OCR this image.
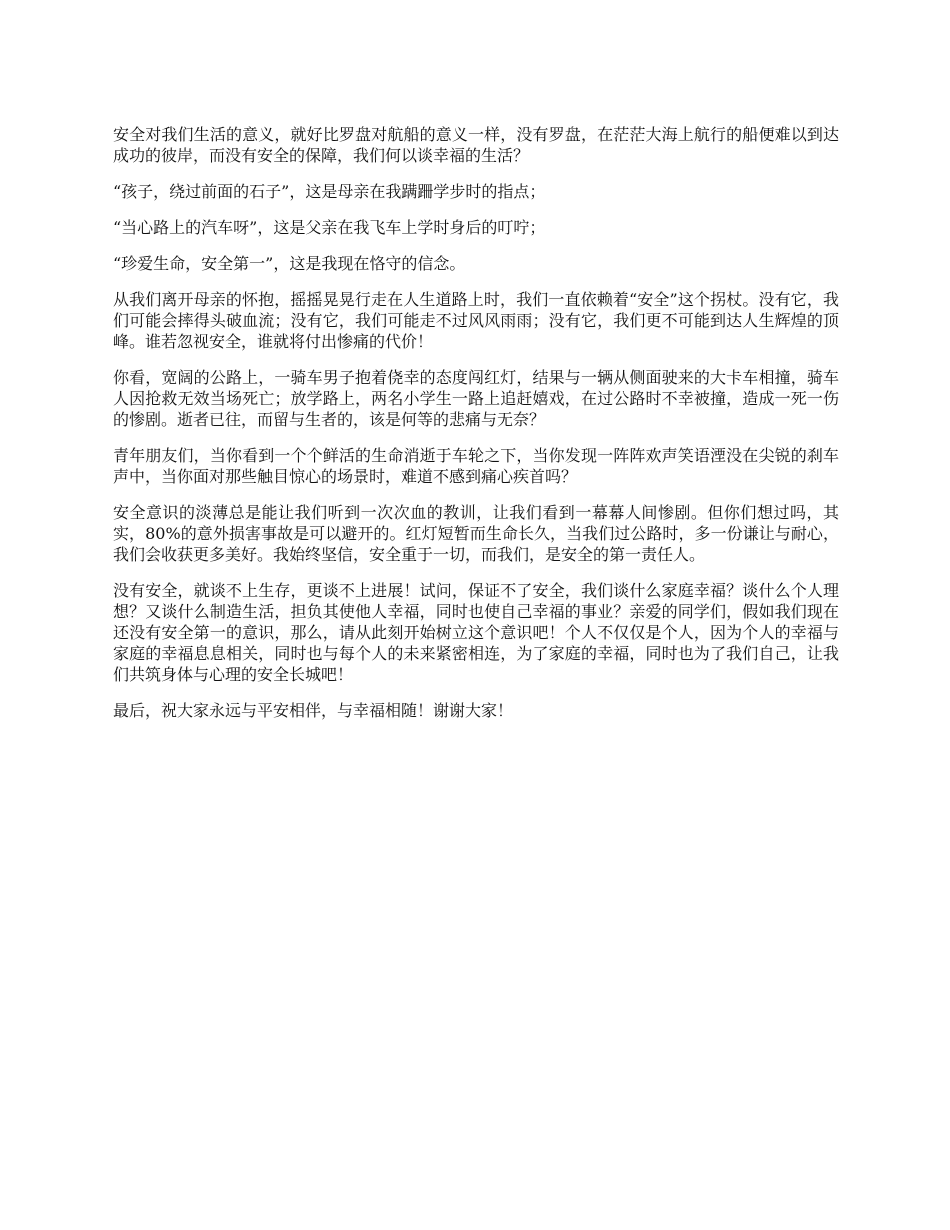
安全对我们生活的意义，就好比罗盘对航船的意义一样，没有罗盘，在茫茫大海上航行的船便难以到达成功的彼岸，而没有安全的保障，我们何以谈幸福的生活？

“孩子，绕过前面的石子”，这是母亲在我蹒跚学步时的指点；

“当心路上的汽车呀”，这是父亲在我飞车上学时身后的叮咛；

“珍爱生命，安全第一”，这是我现在恪守的信念。

从我们离开母亲的怀抱，摇摇晃晃行走在人生道路上时，我们一直依赖着“安全”这个拐杖。没有它，我们可能会摔得头破血流；没有它，我们可能走不过风风雨雨；没有它，我们更不可能到达人生辉煌的顶峰。谁若忽视安全，谁就将付出惨痛的代价！

你看，宽阔的公路上，一骑车男子抱着侥幸的态度闯红灯，结果与一辆从侧面驶来的大卡车相撞，骑车人因抢救无效当场死亡；放学路上，两名小学生一路上追赶嬉戏，在过公路时不幸被撞，造成一死一伤的惨剧。逝者已往，而留与生者的，该是何等的悲痛与无奈？

青年朋友们，当你看到一个个鲜活的生命消逝于车轮之下，当你发现一阵阵欢声笑语湮没在尖锐的刹车声中，当你面对那些触目惊心的场景时，难道不感到痛心疾首吗？

安全意识的淡薄总是能让我们听到一次次血的教训，让我们看到一幕幕人间惨剧。但你们想过吗，其实，80%的意外损害事故是可以避开的。红灯短暂而生命长久，当我们过公路时，多一份谦让与耐心，我们会收获更多美好。我始终坚信，安全重于一切，而我们，是安全的第一责任人。

没有安全，就谈不上生存，更谈不上进展！试问，保证不了安全，我们谈什么家庭幸福？谈什么个人理想？又谈什么制造生活，担负其使他人幸福，同时也使自己幸福的事业？亲爱的同学们，假如我们现在还没有安全第一的意识，那么，请从此刻开始树立这个意识吧！个人不仅仅是个人，因为个人的幸福与家庭的幸福息息相关，同时也与每个人的未来紧密相连，为了家庭的幸福，同时也为了我们自己，让我们共筑身体与心理的安全长城吧！

最后，祝大家永远与平安相伴，与幸福相随！谢谢大家！
